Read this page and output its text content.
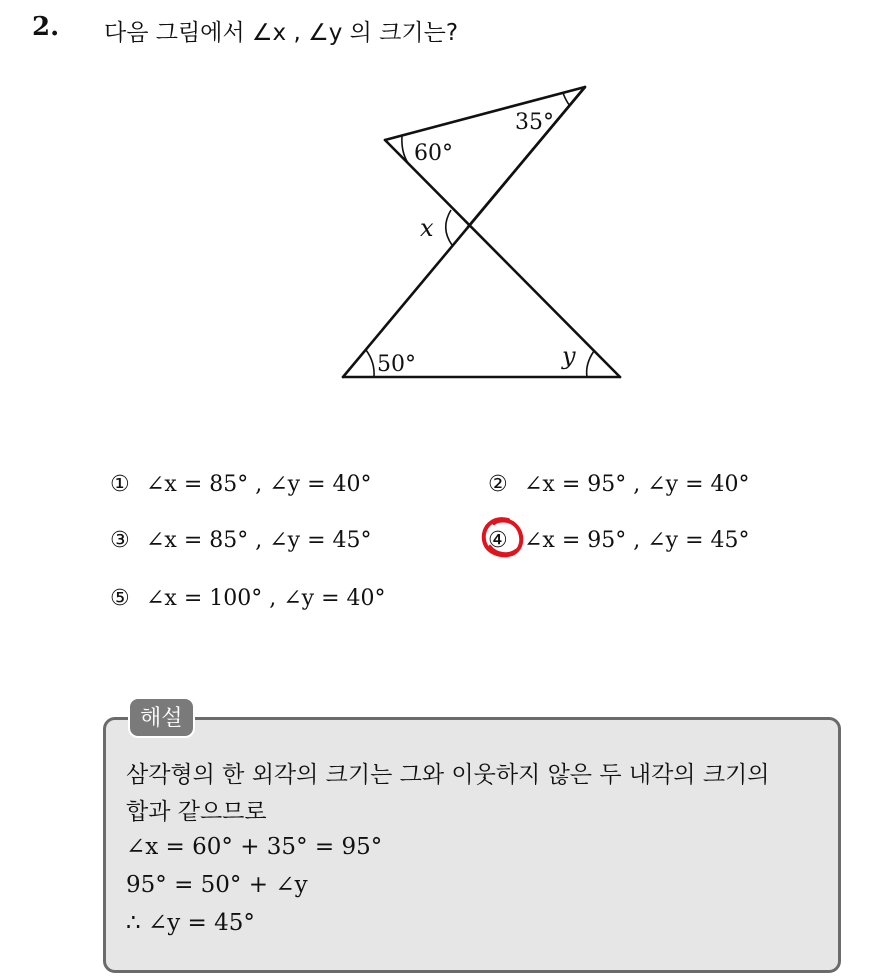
2. 다음 그림에서 ∠x , ∠y 의 크기는?
35°
60°
x
50°	y
① ∠x = 85° , ∠y = 40°	② ∠x = 95° , ∠y = 40°
③ ∠x = 85° , ∠y = 45°	④ ∠x = 95° , ∠y = 45°
⑤ ∠x = 100° , ∠y = 40°
해설
삼각형의 한 외각의 크기는 그와 이웃하지 않은 두 내각의 크기의
합과 같으므로
∠x = 60° + 35° = 95°
95° = 50° + ∠y
∴ ∠y = 45°
